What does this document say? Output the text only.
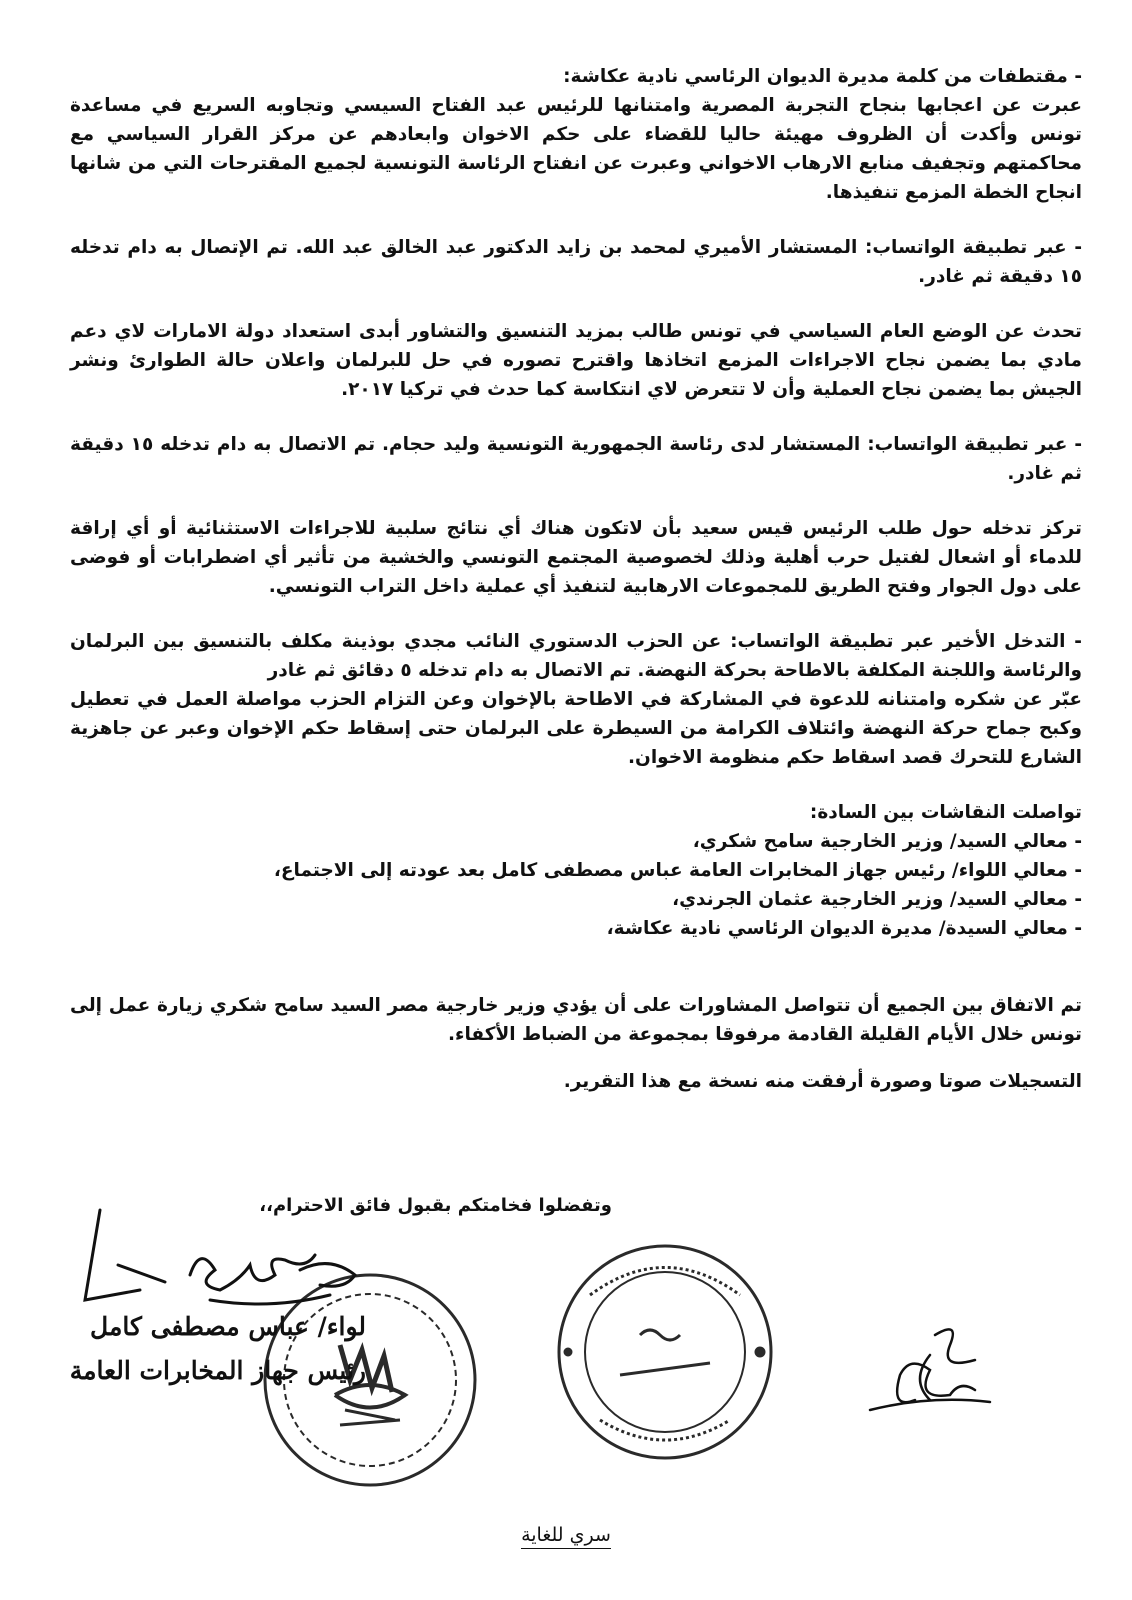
- مقتطفات من كلمة مديرة الديوان الرئاسي نادية عكاشة:

عبرت عن اعجابها بنجاح التجربة المصرية وامتنانها للرئيس عبد الفتاح السيسي وتجاوبه السريع في مساعدة تونس وأكدت أن الظروف مهيئة حاليا للقضاء على حكم الاخوان وابعادهم عن مركز القرار السياسي مع محاكمتهم وتجفيف منابع الارهاب الاخواني وعبرت عن انفتاح الرئاسة التونسية لجميع المقترحات التي من شانها انجاح الخطة المزمع تنفيذها.

- عبر تطبيقة الواتساب: المستشار الأميري لمحمد بن زايد الدكتور عبد الخالق عبد الله. تم الإتصال به دام تدخله ١٥ دقيقة ثم غادر.

تحدث عن الوضع العام السياسي في تونس طالب بمزيد التنسيق والتشاور أبدى استعداد دولة الامارات لاي دعم مادي بما يضمن نجاح الاجراءات المزمع اتخاذها واقترح تصوره في حل للبرلمان واعلان حالة الطوارئ ونشر الجيش بما يضمن نجاح العملية وأن لا تتعرض لاي انتكاسة كما حدث في تركيا ٢٠١٧.

- عبر تطبيقة الواتساب: المستشار لدى رئاسة الجمهورية التونسية وليد حجام. تم الاتصال به دام تدخله ١٥ دقيقة ثم غادر.

تركز تدخله حول طلب الرئيس قيس سعيد بأن لاتكون هناك أي نتائج سلبية للاجراءات الاستثنائية أو أي إراقة للدماء أو اشعال لفتيل حرب أهلية وذلك لخصوصية المجتمع التونسي والخشية من تأثير أي اضطرابات أو فوضى على دول الجوار وفتح الطريق للمجموعات الارهابية لتنفيذ أي عملية داخل التراب التونسي.

- التدخل الأخير عبر تطبيقة الواتساب: عن الحزب الدستوري النائب مجدي بوذينة مكلف بالتنسيق بين البرلمان والرئاسة واللجنة المكلفة بالاطاحة بحركة النهضة. تم الاتصال به دام تدخله ٥ دقائق ثم غادر

عبّر عن شكره وامتنانه للدعوة في المشاركة في الاطاحة بالإخوان وعن التزام الحزب مواصلة العمل في تعطيل وكبح جماح حركة النهضة وائتلاف الكرامة من السيطرة على البرلمان حتى إسقاط حكم الإخوان وعبر عن جاهزية الشارع للتحرك قصد اسقاط حكم منظومة الاخوان.

تواصلت النقاشات بين السادة:

- معالي السيد/ وزير الخارجية سامح شكري،

- معالي اللواء/ رئيس جهاز المخابرات العامة عباس مصطفى كامل بعد عودته إلى الاجتماع،

- معالي السيد/ وزير الخارجية عثمان الجرندي،

- معالي السيدة/ مديرة الديوان الرئاسي نادية عكاشة،

تم الاتفاق بين الجميع أن تتواصل المشاورات على أن يؤدي وزير خارجية مصر السيد سامح شكري زيارة عمل إلى تونس خلال الأيام القليلة القادمة مرفوقا بمجموعة من الضباط الأكفاء.

التسجيلات صوتا وصورة أرفقت منه نسخة مع هذا التقرير.

وتفضلوا فخامتكم بقبول فائق الاحترام،،
لواء/ عباس مصطفى كامل
رئيس جهاز المخابرات العامة
سري للغاية
